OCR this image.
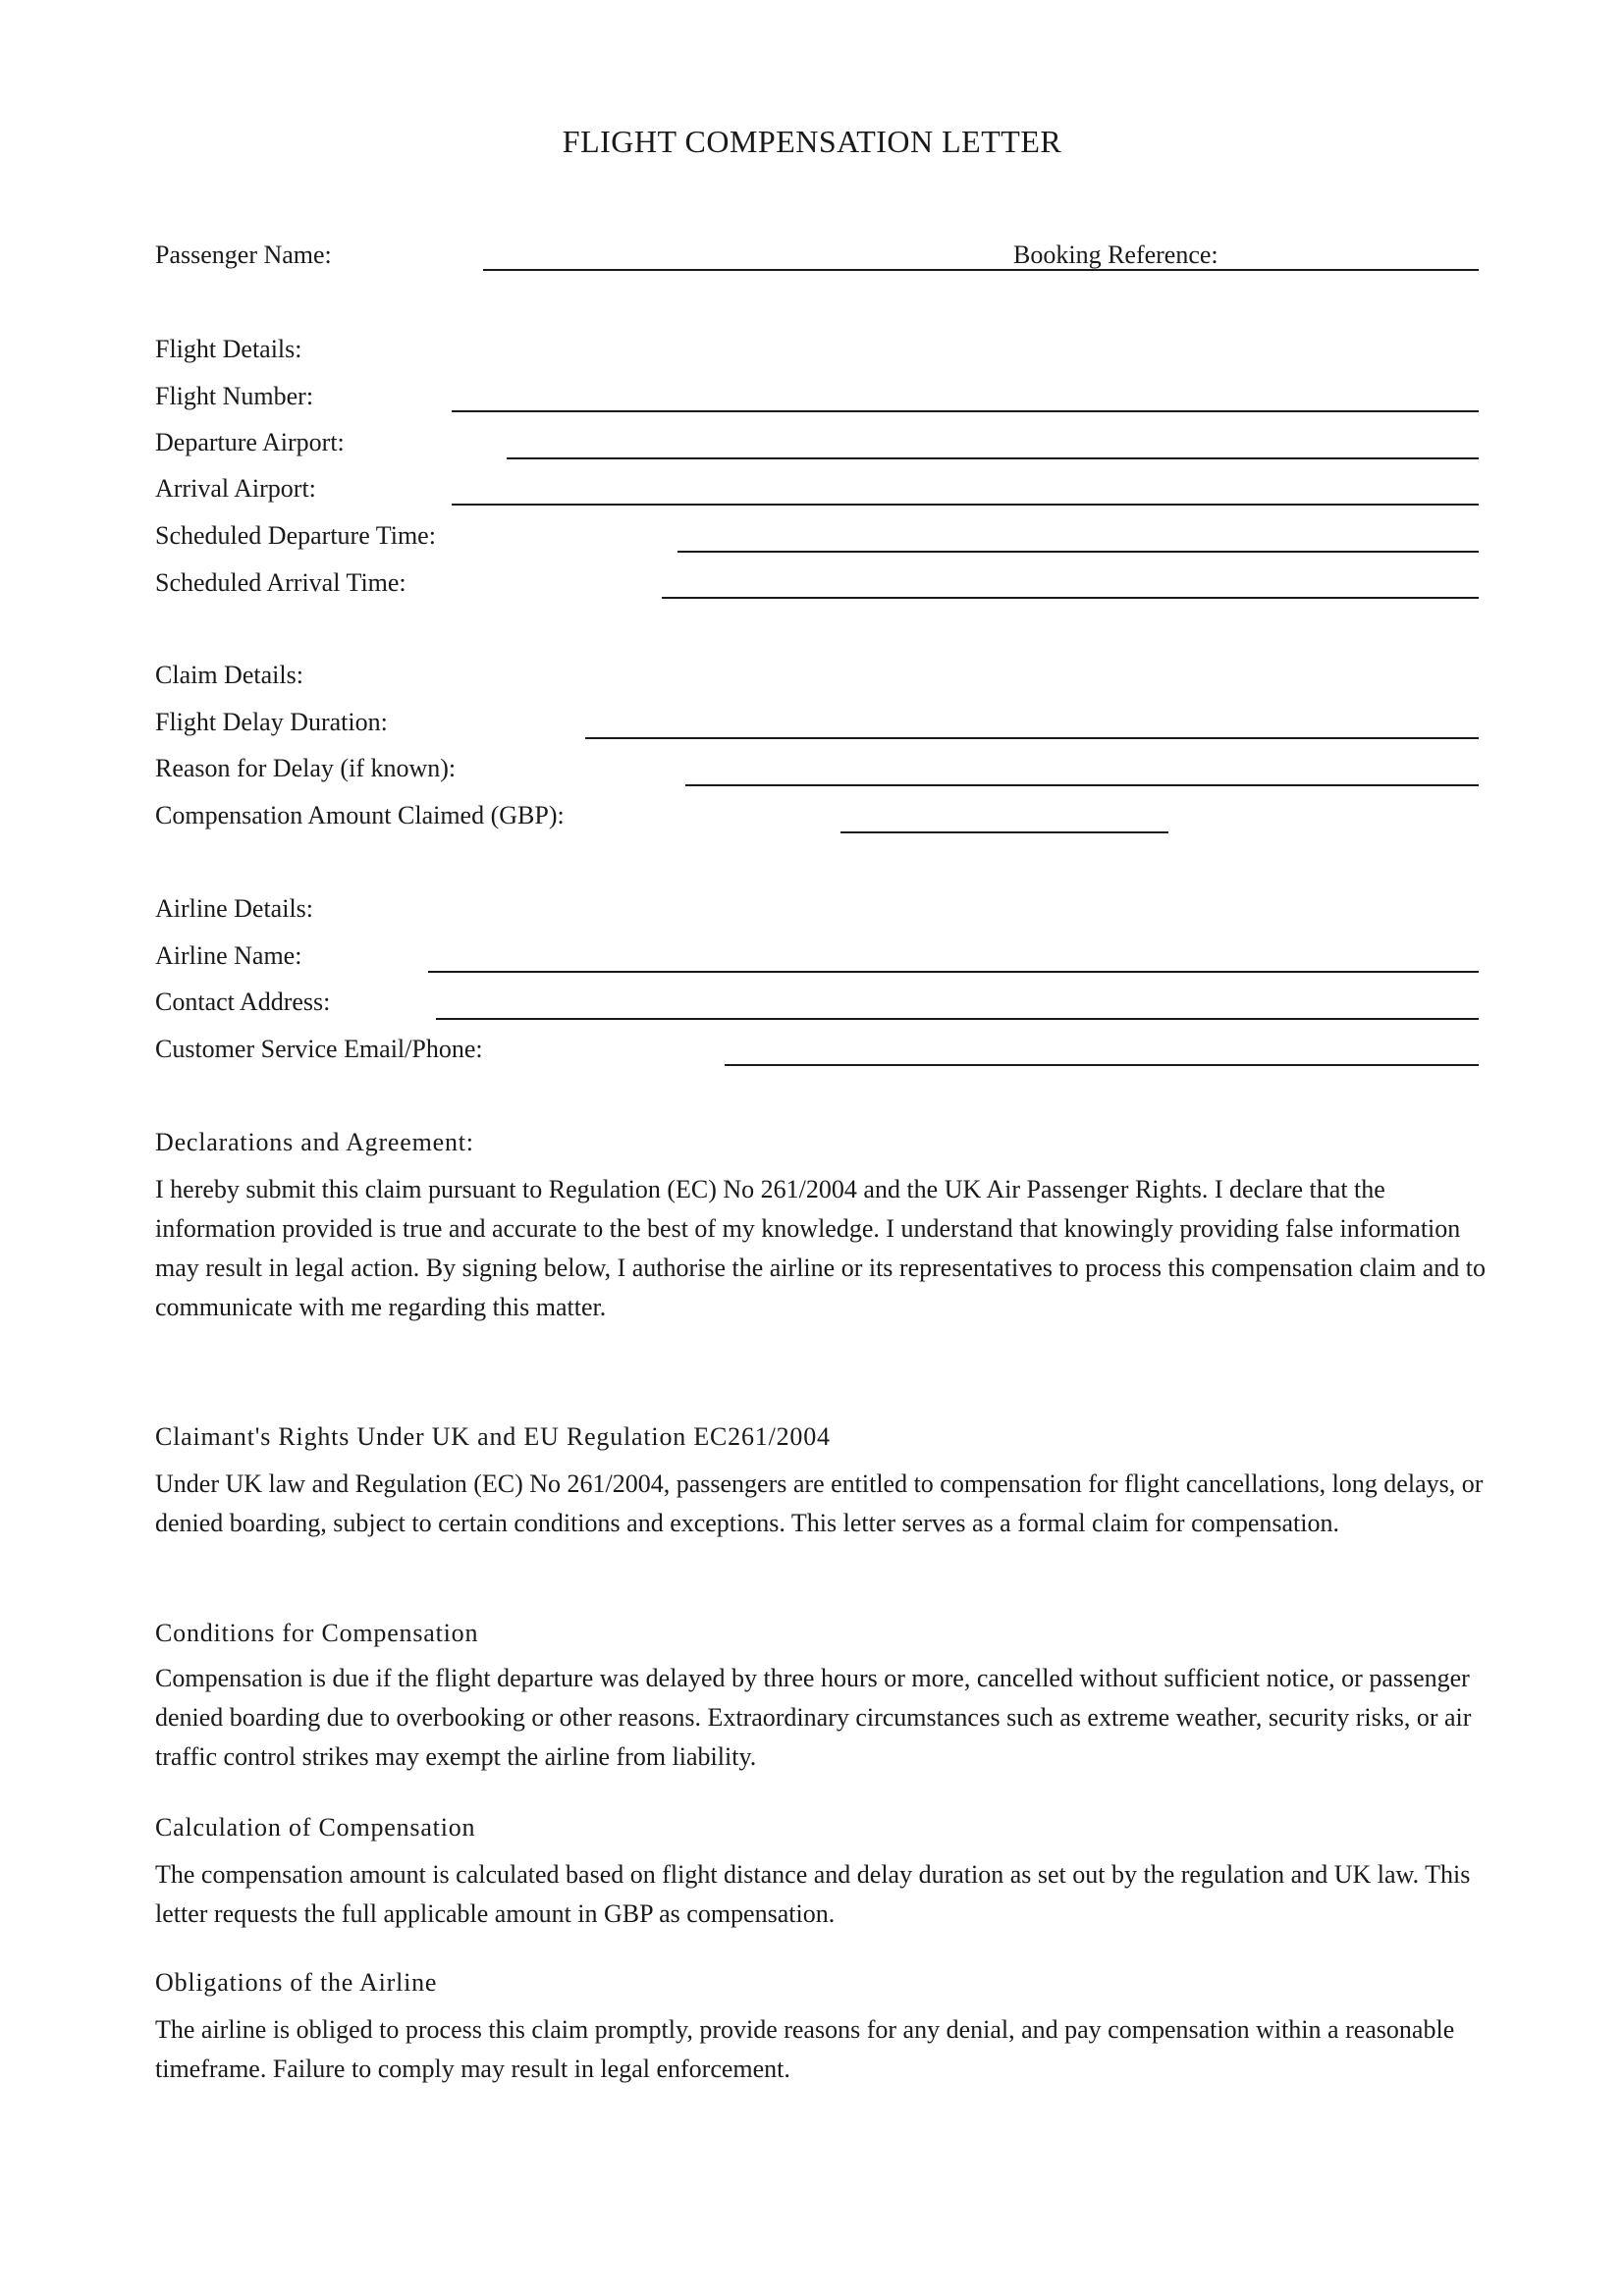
FLIGHT COMPENSATION LETTER
Passenger Name:	Booking Reference:
Flight Details:
Flight Number:
Departure Airport:
Arrival Airport:
Scheduled Departure Time:
Scheduled Arrival Time:
Claim Details:
Flight Delay Duration:
Reason for Delay (if known):
Compensation Amount Claimed (GBP):
Airline Details:
Airline Name:
Contact Address:
Customer Service Email/Phone:
Declarations and Agreement:
I hereby submit this claim pursuant to Regulation (EC) No 261/2004 and the UK Air Passenger Rights. I declare that the information provided is true and accurate to the best of my knowledge. I understand that knowingly providing false information may result in legal action. By signing below, I authorise the airline or its representatives to process this compensation claim and to communicate with me regarding this matter.
Claimant's Rights Under UK and EU Regulation EC261/2004
Under UK law and Regulation (EC) No 261/2004, passengers are entitled to compensation for flight cancellations, long delays, or denied boarding, subject to certain conditions and exceptions. This letter serves as a formal claim for compensation.
Conditions for Compensation
Compensation is due if the flight departure was delayed by three hours or more, cancelled without sufficient notice, or passenger denied boarding due to overbooking or other reasons. Extraordinary circumstances such as extreme weather, security risks, or air traffic control strikes may exempt the airline from liability.
Calculation of Compensation
The compensation amount is calculated based on flight distance and delay duration as set out by the regulation and UK law. This letter requests the full applicable amount in GBP as compensation.
Obligations of the Airline
The airline is obliged to process this claim promptly, provide reasons for any denial, and pay compensation within a reasonable timeframe. Failure to comply may result in legal enforcement.
